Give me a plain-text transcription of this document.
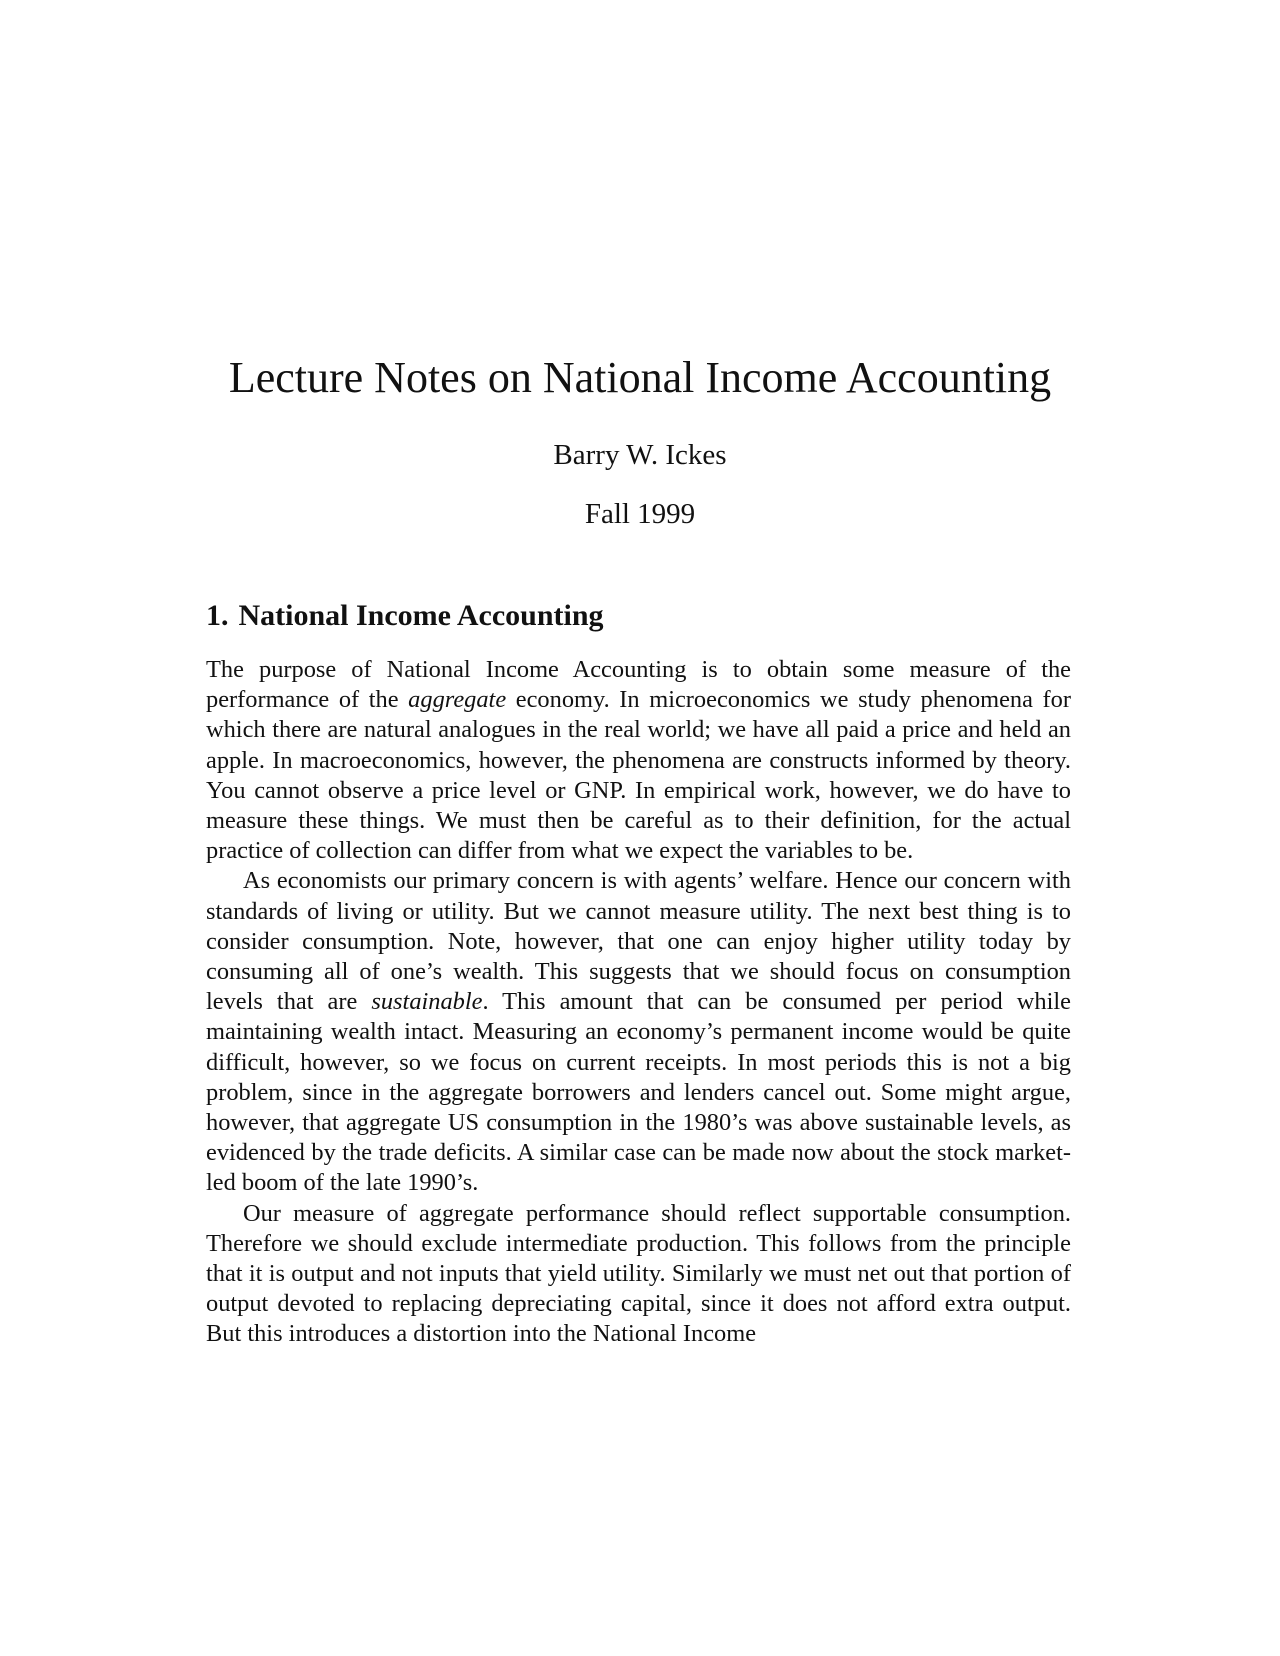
Lecture Notes on National Income Accounting
Barry W. Ickes
Fall 1999
1. National Income Accounting

The purpose of National Income Accounting is to obtain some measure of the performance of the aggregate economy. In microeconomics we study phenomena for which there are natural analogues in the real world; we have all paid a price and held an apple. In macroeconomics, however, the phenomena are constructs informed by theory. You cannot observe a price level or GNP. In empirical work, however, we do have to measure these things. We must then be careful as to their definition, for the actual practice of collection can differ from what we expect the variables to be.

As economists our primary concern is with agents’ welfare. Hence our concern with standards of living or utility. But we cannot measure utility. The next best thing is to consider consumption. Note, however, that one can enjoy higher utility today by consuming all of one’s wealth. This suggests that we should focus on consumption levels that are sustainable. This amount that can be consumed per period while maintaining wealth intact. Measuring an economy’s permanent income would be quite difficult, however, so we focus on current receipts. In most periods this is not a big problem, since in the aggregate borrowers and lenders cancel out. Some might argue, however, that aggregate US consumption in the 1980’s was above sustainable levels, as evidenced by the trade deficits. A similar case can be made now about the stock market-led boom of the late 1990’s.

Our measure of aggregate performance should reflect supportable consumption. Therefore we should exclude intermediate production. This follows from the principle that it is output and not inputs that yield utility. Similarly we must net out that portion of output devoted to replacing depreciating capital, since it does not afford extra output. But this introduces a distortion into the National Income
